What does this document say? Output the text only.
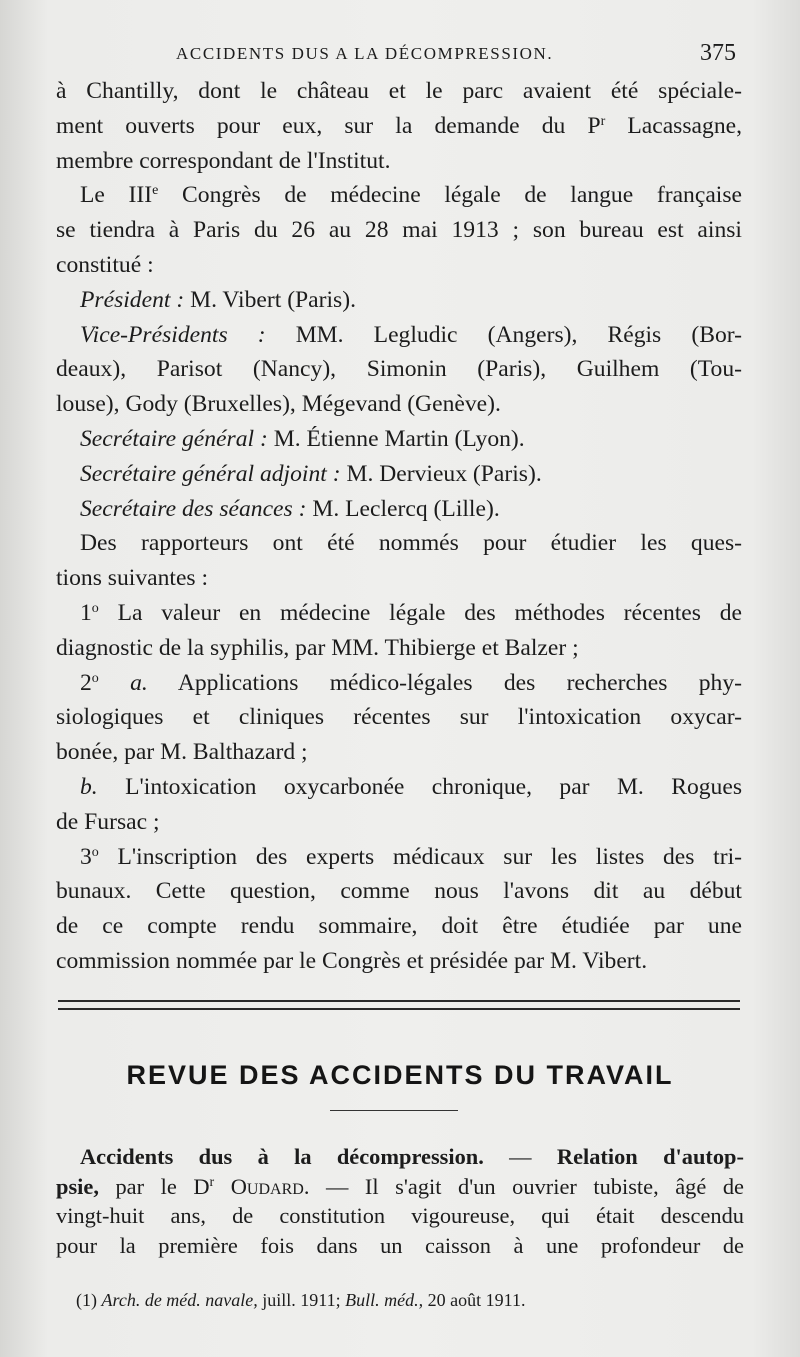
ACCIDENTS DUS A LA DÉCOMPRESSION.	375

à Chantilly, dont le château et le parc avaient été spéciale-
ment ouverts pour eux, sur la demande du $P^r$ Lacassagne,
membre correspondant de l'Institut.

Le IIIe Congrès de médecine légale de langue française
se tiendra à Paris du 26 au 28 mai 1913 ; son bureau est ainsi
constitué :

Président : M. Vibert (Paris).
Vice-Présidents : MM. Legludic (Angers), Régis (Bor-
deaux), Parisot (Nancy), Simonin (Paris), Guilhem (Tou-
louse), Gody (Bruxelles), Mégevand (Genève).
Secrétaire général : M. Étienne Martin (Lyon).
Secrétaire général adjoint : M. Dervieux (Paris).
Secrétaire des séances : M. Leclercq (Lille).

Des rapporteurs ont été nommés pour étudier les ques-
tions suivantes :

1$^o$ La valeur en médecine légale des méthodes récentes de
diagnostic de la syphilis, par MM. Thibierge et Balzer ;

2$^o$ a. Applications médico-légales des recherches phy-
siologiques et cliniques récentes sur l'intoxication oxycar-
bonée, par M. Balthazard ;
b. L'intoxication oxycarbonée chronique, par M. Rogues
de Fursac ;

3$^o$ L'inscription des experts médicaux sur les listes des tri-
bunaux. Cette question, comme nous l'avons dit au début
de ce compte rendu sommaire, doit être étudiée par une
commission nommée par le Congrès et présidée par M. Vibert.

REVUE DES ACCIDENTS DU TRAVAIL
Accidents dus à la décompression. — Relation d'autop-
psie, par le $D^r$ Oudard. — Il s'agit d'un ouvrier tubiste, âgé de
vingt-huit ans, de constitution vigoureuse, qui était descendu
pour la première fois dans un caisson à une profondeur de
(1) Arch. de méd. navale, juill. 1911; Bull. méd., 20 août 1911.
